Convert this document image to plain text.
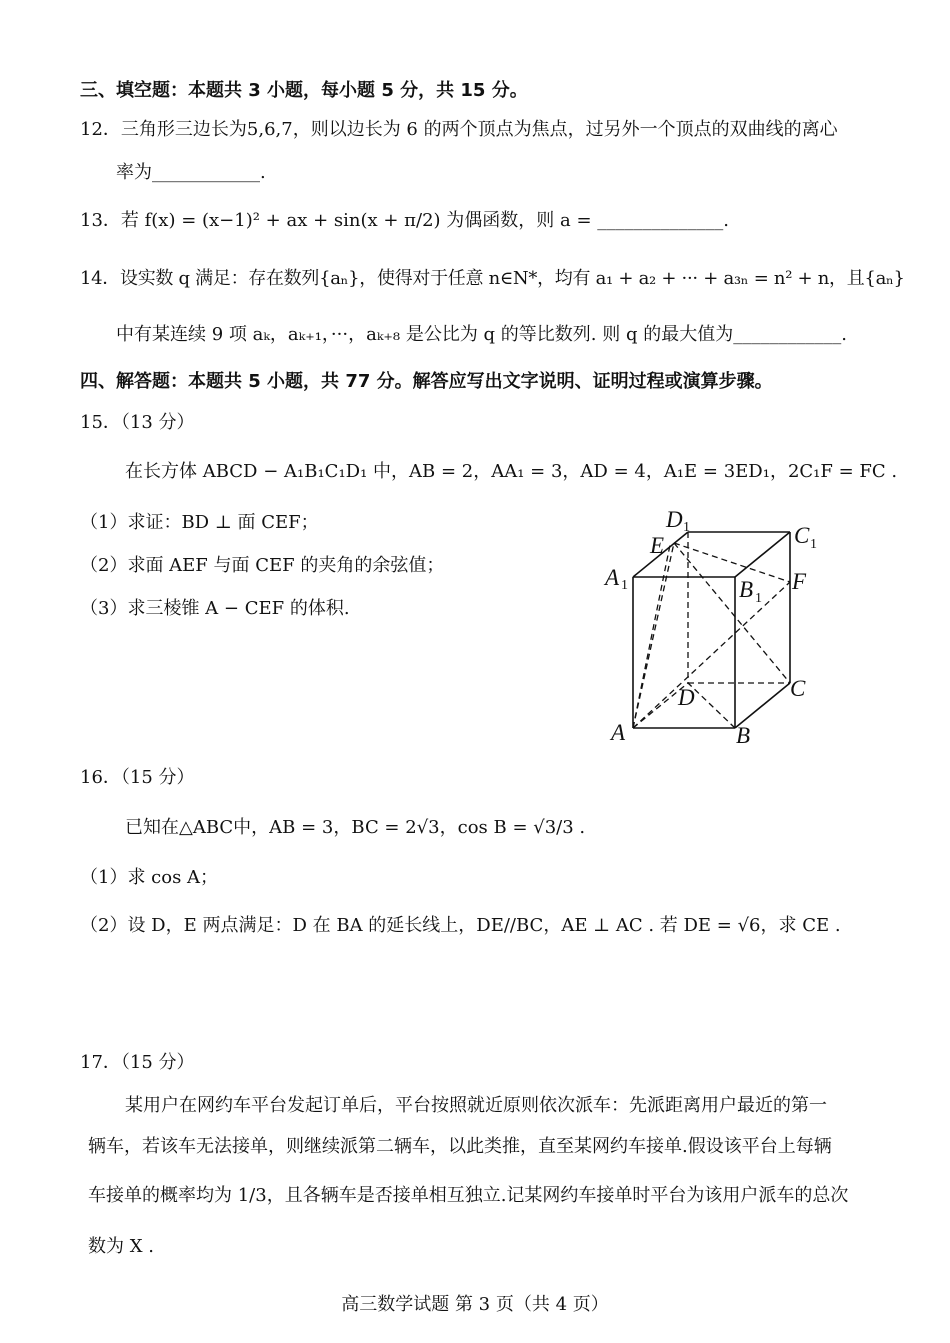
三、填空题：本题共 3 小题，每小题 5 分，共 15 分。
12．三角形三边长为5,6,7，则以边长为 6 的两个顶点为焦点，过另外一个顶点的双曲线的离心
率为____________.
13．若 f(x) = (x−1)² + ax + sin(x + π/2) 为偶函数，则 a = ______________.
14．设实数 q 满足：存在数列{aₙ}，使得对于任意 n∈N*，均有 a₁ + a₂ + ··· + a₃ₙ = n² + n，且{aₙ}
中有某连续 9 项 aₖ，aₖ₊₁，···，aₖ₊₈ 是公比为 q 的等比数列. 则 q 的最大值为____________.
四、解答题：本题共 5 小题，共 77 分。解答应写出文字说明、证明过程或演算步骤。
15．（13 分）
在长方体 ABCD − A₁B₁C₁D₁ 中，AB = 2，AA₁ = 3，AD = 4，A₁E = 3ED₁，2C₁F = FC .
（1）求证：BD ⊥ 面 CEF；
（2）求面 AEF 与面 CEF 的夹角的余弦值；
（3）求三棱锥 A − CEF 的体积.
D 1	C 1
E
A 1	B 1
F
D	C
A	B
16．（15 分）
已知在△ABC中，AB = 3，BC = 2√3，cos B = √3/3 .
（1）求 cos A；
（2）设 D，E 两点满足：D 在 BA 的延长线上，DE//BC，AE ⊥ AC . 若 DE = √6，求 CE .
17．（15 分）
某用户在网约车平台发起订单后，平台按照就近原则依次派车：先派距离用户最近的第一
辆车，若该车无法接单，则继续派第二辆车，以此类推，直至某网约车接单.假设该平台上每辆
车接单的概率均为 1/3，且各辆车是否接单相互独立.记某网约车接单时平台为该用户派车的总次
数为 X .
高三数学试题 第 3 页（共 4 页）
